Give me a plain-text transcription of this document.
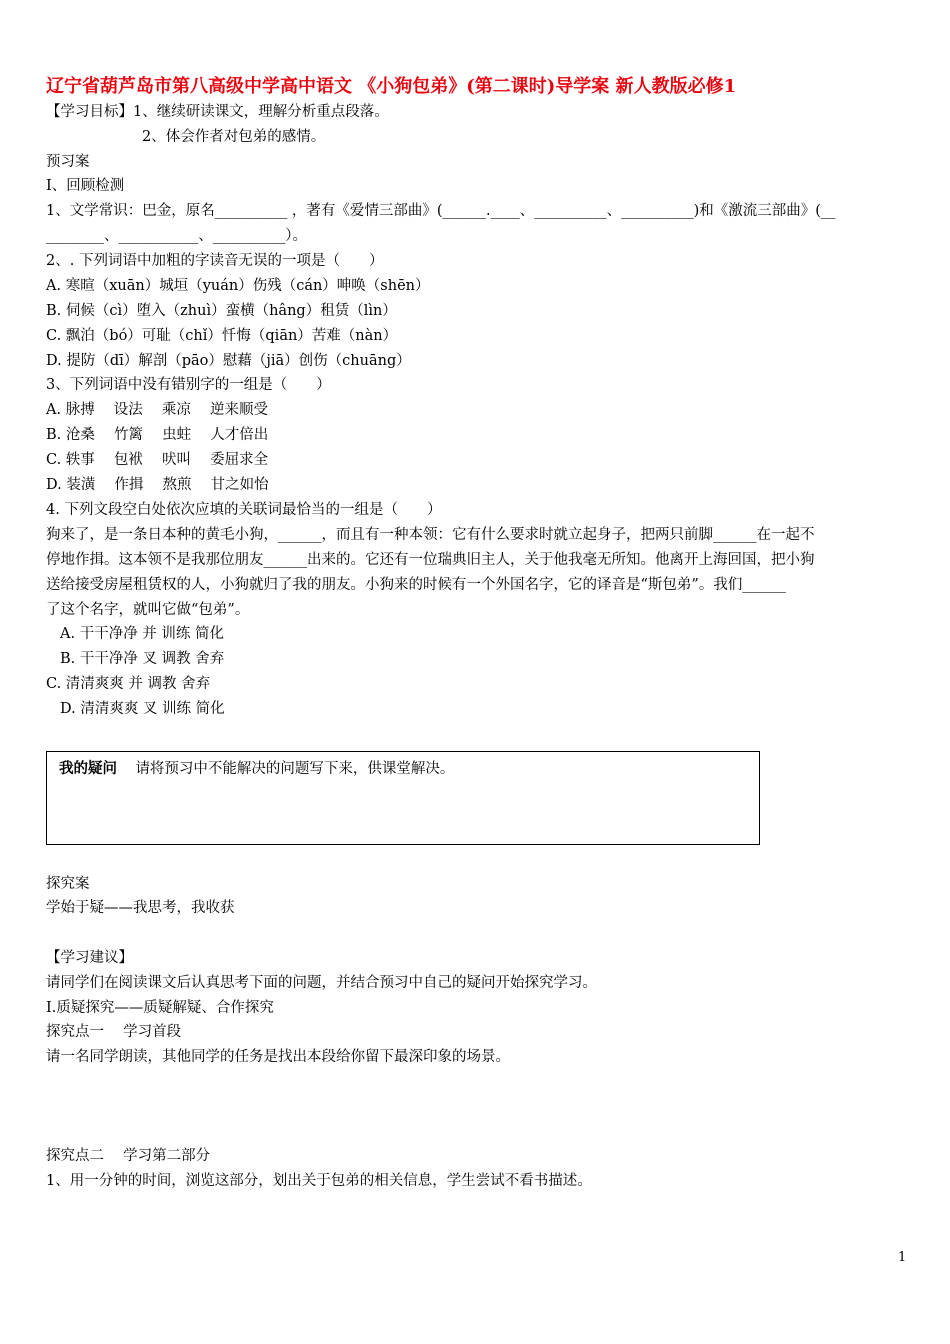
辽宁省葫芦岛市第八高级中学高中语文 《小狗包弟》(第二课时)导学案 新人教版必修1
【学习目标】1、继续研读课文，理解分析重点段落。
2、体会作者对包弟的感情。
预习案
Ⅰ、回顾检测
1、文学常识：巴金，原名__________ ，著有《爱情三部曲》(______.____、__________、__________)和《激流三部曲》(__
________、___________、__________）。
2、. 下列词语中加粗的字读音无误的一项是（　　）
A. 寒暄（xuān）城垣（yuán）伤残（cán）呻唤（shēn）
B. 伺候（cì）堕入（zhuì）蛮横（hâng）租赁（lìn）
C. 飘泊（bó）可耻（chǐ）忏悔（qiān）苦难（nàn）
D. 提防（dī）解剖（pāo）慰藉（jiā）创伤（chuāng）
3、下列词语中没有错别字的一组是（　　）
A. 脉搏　 设法　 乘凉　 逆来顺受
B. 沧桑　 竹篱　 虫蛀　 人才倍出
C. 轶事　 包袱　 吠叫　 委屈求全
D. 装潢　 作揖　 熬煎　 甘之如怡
4. 下列文段空白处依次应填的关联词最恰当的一组是（　　）
狗来了，是一条日本种的黄毛小狗，______，而且有一种本领：它有什么要求时就立起身子，把两只前脚______在一起不
停地作揖。这本领不是我那位朋友______出来的。它还有一位瑞典旧主人，关于他我毫无所知。他离开上海回国，把小狗
送给接受房屋租赁权的人，小狗就归了我的朋友。小狗来的时候有一个外国名字，它的译音是“斯包弟”。我们______
了这个名字，就叫它做“包弟”。
A. 干干净净 并 训练 简化
B. 干干净净 叉 调教 舍弃
C. 清清爽爽 并 调教 舍弃
D. 清清爽爽 叉 训练 简化
我的疑问 请将预习中不能解决的问题写下来，供课堂解决。
探究案
学始于疑——我思考，我收获
【学习建议】
请同学们在阅读课文后认真思考下面的问题，并结合预习中自己的疑问开始探究学习。
Ⅰ.质疑探究——质疑解疑、合作探究
探究点一　 学习首段
请一名同学朗读，其他同学的任务是找出本段给你留下最深印象的场景。
探究点二　 学习第二部分
1、用一分钟的时间，浏览这部分，划出关于包弟的相关信息，学生尝试不看书描述。
1
